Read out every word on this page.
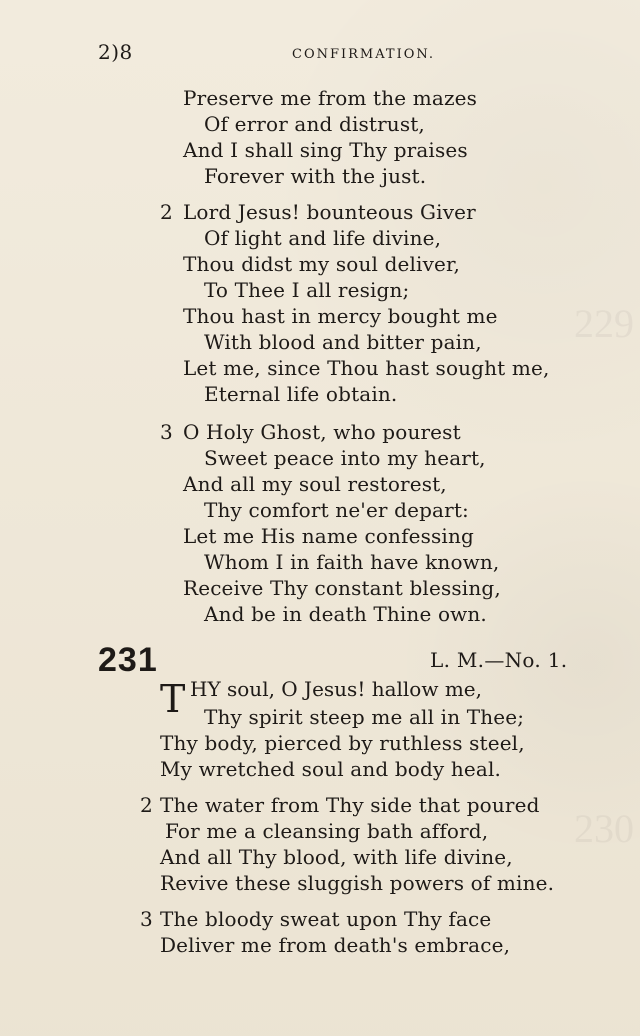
229
230
2)8	CONFIRMATION.
Preserve me from the mazes
Of error and distrust,
And I shall sing Thy praises
Forever with the just.
2 Lord Jesus! bounteous Giver
Of light and life divine,
Thou didst my soul deliver,
To Thee I all resign;
Thou hast in mercy bought me
With blood and bitter pain,
Let me, since Thou hast sought me,
Eternal life obtain.
3 O Holy Ghost, who pourest
Sweet peace into my heart,
And all my soul restorest,
Thy comfort ne'er depart:
Let me His name confessing
Whom I in faith have known,
Receive Thy constant blessing,
And be in death Thine own.
231	L. M.—No. 1.
T HY soul, O Jesus! hallow me,
Thy spirit steep me all in Thee;
Thy body, pierced by ruthless steel,
My wretched soul and body heal.
2 The water from Thy side that poured
For me a cleansing bath afford,
And all Thy blood, with life divine,
Revive these sluggish powers of mine.
3 The bloody sweat upon Thy face
Deliver me from death's embrace,
